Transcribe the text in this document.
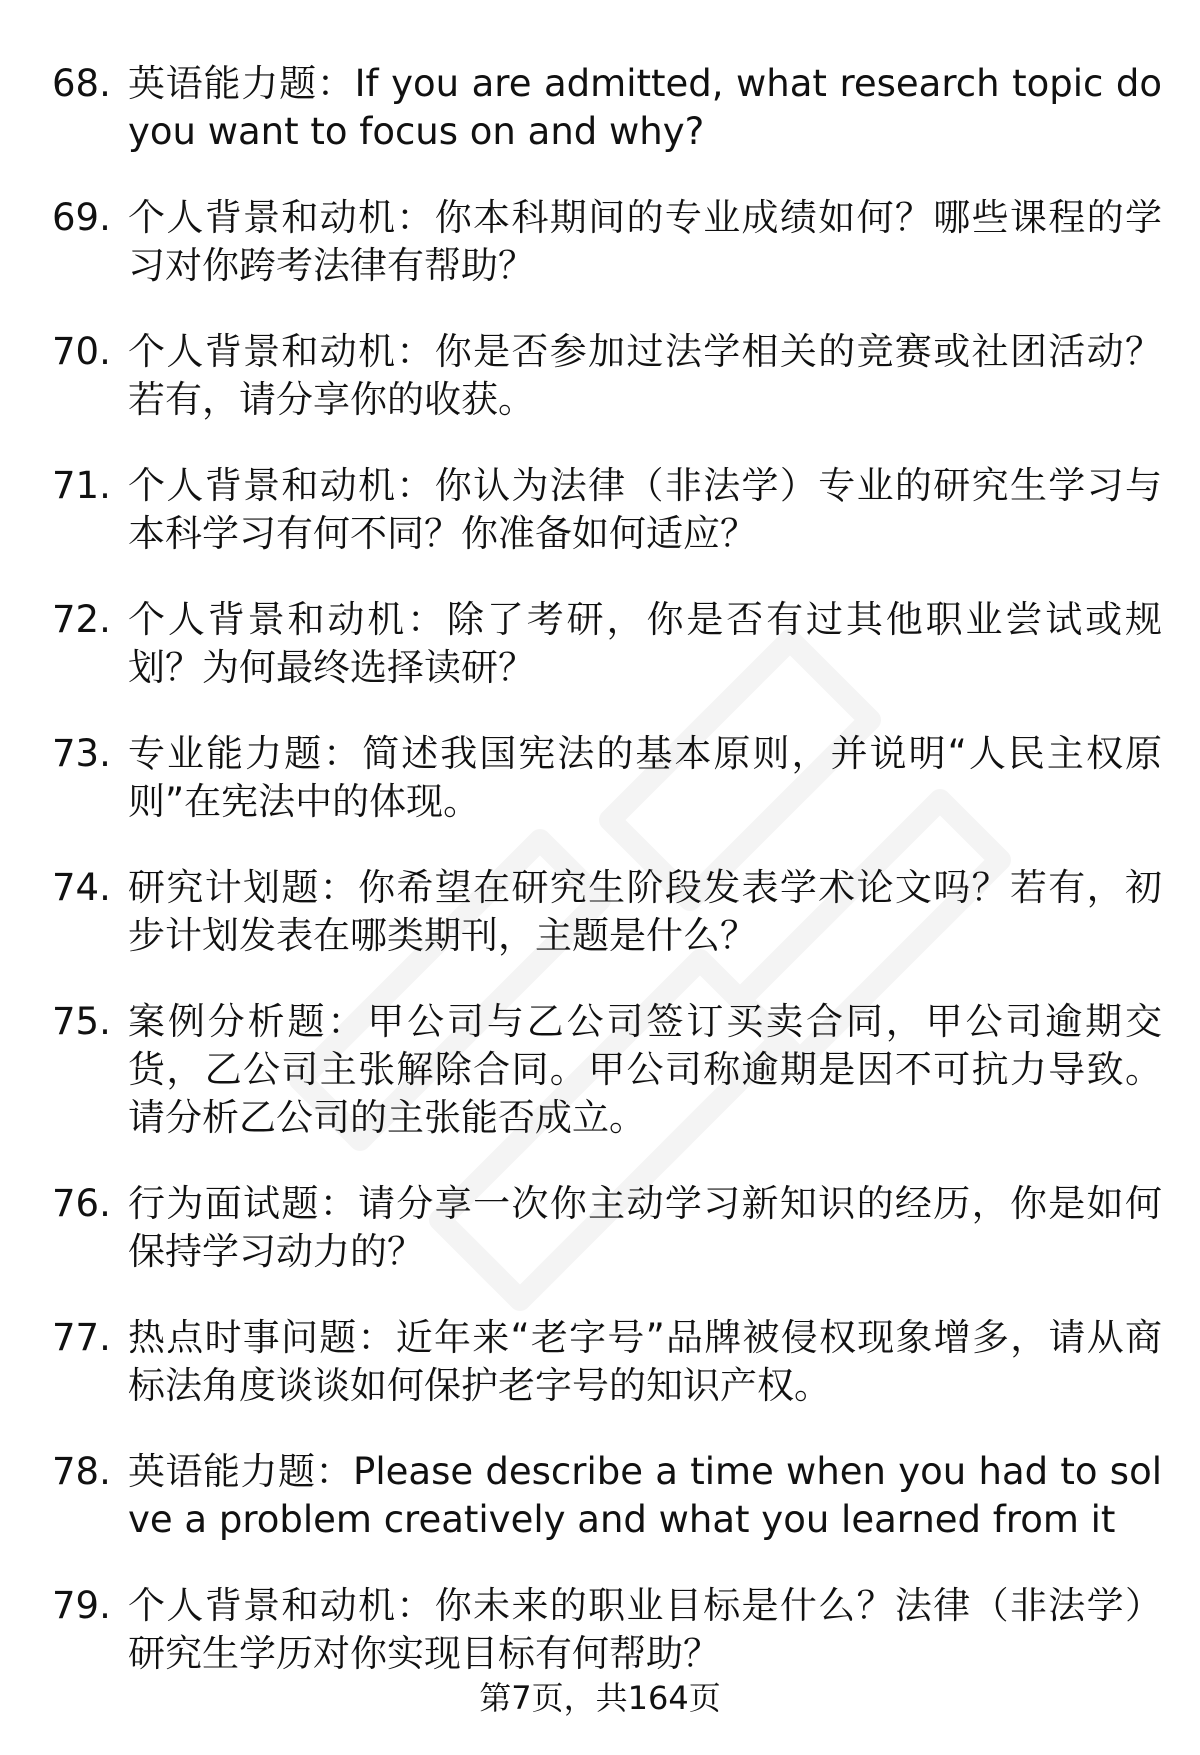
68. 英语能力题：If you are admitted, what research topic do you want to focus on and why?
69. 个人背景和动机：你本科期间的专业成绩如何？哪些课程的学习对你跨考法律有帮助？
70. 个人背景和动机：你是否参加过法学相关的竞赛或社团活动？若有，请分享你的收获。
71. 个人背景和动机：你认为法律（非法学）专业的研究生学习与本科学习有何不同？你准备如何适应？
72. 个人背景和动机：除了考研，你是否有过其他职业尝试或规划？为何最终选择读研？
73. 专业能力题：简述我国宪法的基本原则，并说明“人民主权原则”在宪法中的体现。
74. 研究计划题：你希望在研究生阶段发表学术论文吗？若有，初步计划发表在哪类期刊，主题是什么？
75. 案例分析题：甲公司与乙公司签订买卖合同，甲公司逾期交货，乙公司主张解除合同。甲公司称逾期是因不可抗力导致。请分析乙公司的主张能否成立。
76. 行为面试题：请分享一次你主动学习新知识的经历，你是如何保持学习动力的？
77. 热点时事问题：近年来“老字号”品牌被侵权现象增多，请从商标法角度谈谈如何保护老字号的知识产权。
78. 英语能力题：Please describe a time when you had to solve a problem creatively and what you learned from it
79. 个人背景和动机：你未来的职业目标是什么？法律（非法学）研究生学历对你实现目标有何帮助？
第7页，共164页
